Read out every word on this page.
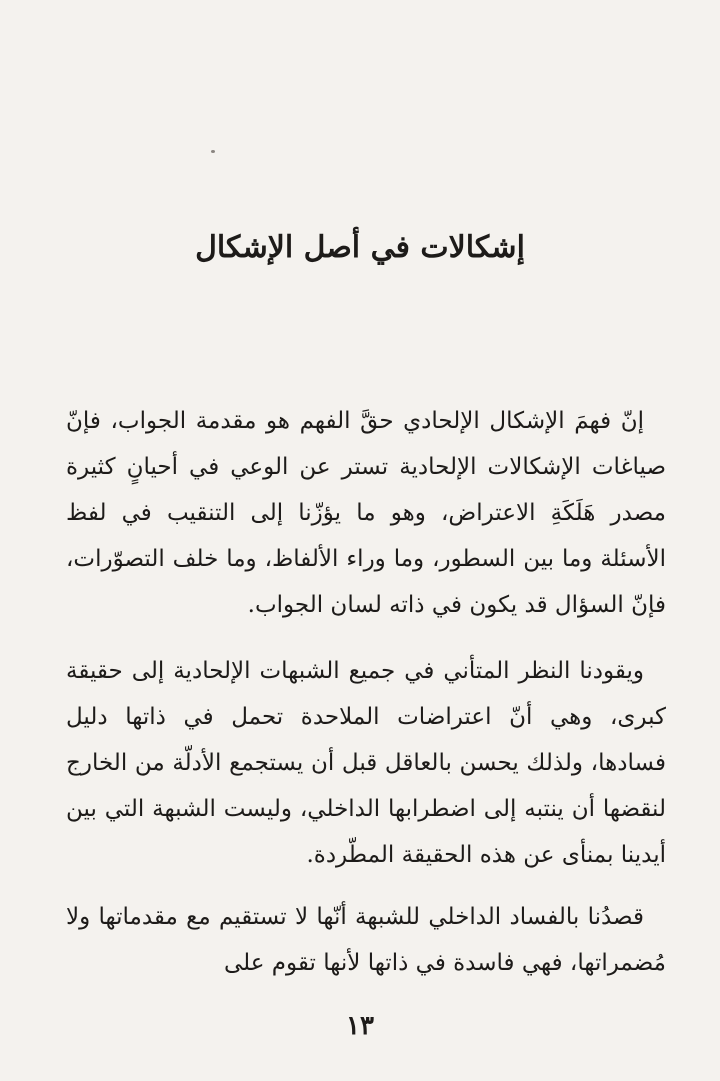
إشكالات في أصل الإشكال

إنّ فهمَ الإشكال الإلحادي حقَّ الفهم هو مقدمة الجواب، فإنّ صياغات الإشكالات الإلحادية تستر عن الوعي في أحيانٍ كثيرة مصدر هَلَكَةِ الاعتراض، وهو ما يؤزّنا إلى التنقيب في لفظ الأسئلة وما بين السطور، وما وراء الألفاظ، وما خلف التصوّرات، فإنّ السؤال قد يكون في ذاته لسان الجواب.

ويقودنا النظر المتأني في جميع الشبهات الإلحادية إلى حقيقة كبرى، وهي أنّ اعتراضات الملاحدة تحمل في ذاتها دليل فسادها، ولذلك يحسن بالعاقل قبل أن يستجمع الأدلّة من الخارج لنقضها أن ينتبه إلى اضطرابها الداخلي، وليست الشبهة التي بين أيدينا بمنأى عن هذه الحقيقة المطّردة.

قصدُنا بالفساد الداخلي للشبهة أنّها لا تستقيم مع مقدماتها ولا مُضمراتها، فهي فاسدة في ذاتها لأنها تقوم على

١٣
